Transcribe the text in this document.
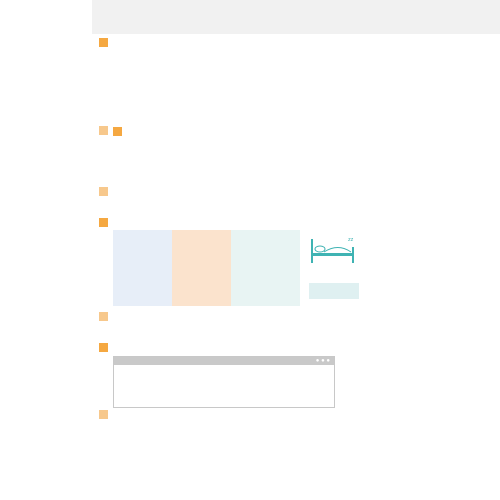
zz
● ● ●
